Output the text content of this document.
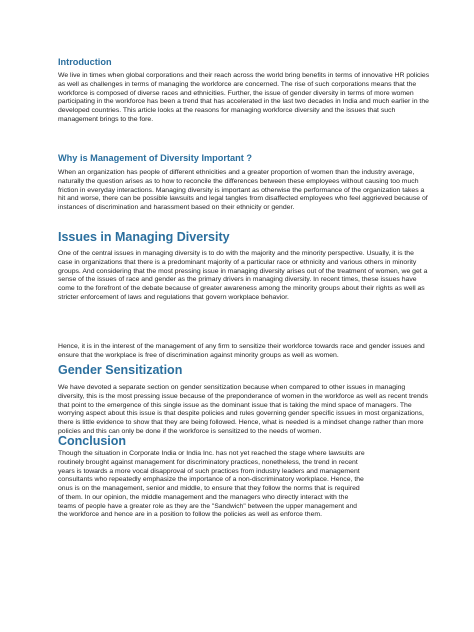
Introduction

We live in times when global corporations and their reach across the world bring benefits in terms of innovative HR policies as well as challenges in terms of managing the workforce are concerned. The rise of such corporations means that the workforce is composed of diverse races and ethnicities. Further, the issue of gender diversity in terms of more women participating in the workforce has been a trend that has accelerated in the last two decades in India and much earlier in the developed countries. This article looks at the reasons for managing workforce diversity and the issues that such management brings to the fore.

Why is Management of Diversity Important ?

When an organization has people of different ethnicities and a greater proportion of women than the industry average, naturally the question arises as to how to reconcile the differences between these employees without causing too much friction in everyday interactions. Managing diversity is important as otherwise the performance of the organization takes a hit and worse, there can be possible lawsuits and legal tangles from disaffected employees who feel aggrieved because of instances of discrimination and harassment based on their ethnicity or gender.

Issues in Managing Diversity

One of the central issues in managing diversity is to do with the majority and the minority perspective. Usually, it is the case in organizations that there is a predominant majority of a particular race or ethnicity and various others in minority groups. And considering that the most pressing issue in managing diversity arises out of the treatment of women, we get a sense of the issues of race and gender as the primary drivers in managing diversity. In recent times, these issues have come to the forefront of the debate because of greater awareness among the minority groups about their rights as well as stricter enforcement of laws and regulations that govern workplace behavior.

Hence, it is in the interest of the management of any firm to sensitize their workforce towards race and gender issues and ensure that the workplace is free of discrimination against minority groups as well as women.

Gender Sensitization

We have devoted a separate section on gender sensitization because when compared to other issues in managing diversity, this is the most pressing issue because of the preponderance of women in the workforce as well as recent trends that point to the emergence of this single issue as the dominant issue that is taking the mind space of managers. The worrying aspect about this issue is that despite policies and rules governing gender specific issues in most organizations, there is little evidence to show that they are being followed. Hence, what is needed is a mindset change rather than more policies and this can only be done if the workforce is sensitized to the needs of women.

Conclusion

Though the situation in Corporate India or India Inc. has not yet reached the stage where lawsuits are

routinely brought against management for discriminatory practices, nonetheless, the trend in recent

years is towards a more vocal disapproval of such practices from industry leaders and management

consultants who repeatedly emphasize the importance of a non-discriminatory workplace. Hence, the

onus is on the management, senior and middle, to ensure that they follow the norms that is required

of them. In our opinion, the middle management and the managers who directly interact with the

teams of people have a greater role as they are the "Sandwich" between the upper management and

the workforce and hence are in a position to follow the policies as well as enforce them.
